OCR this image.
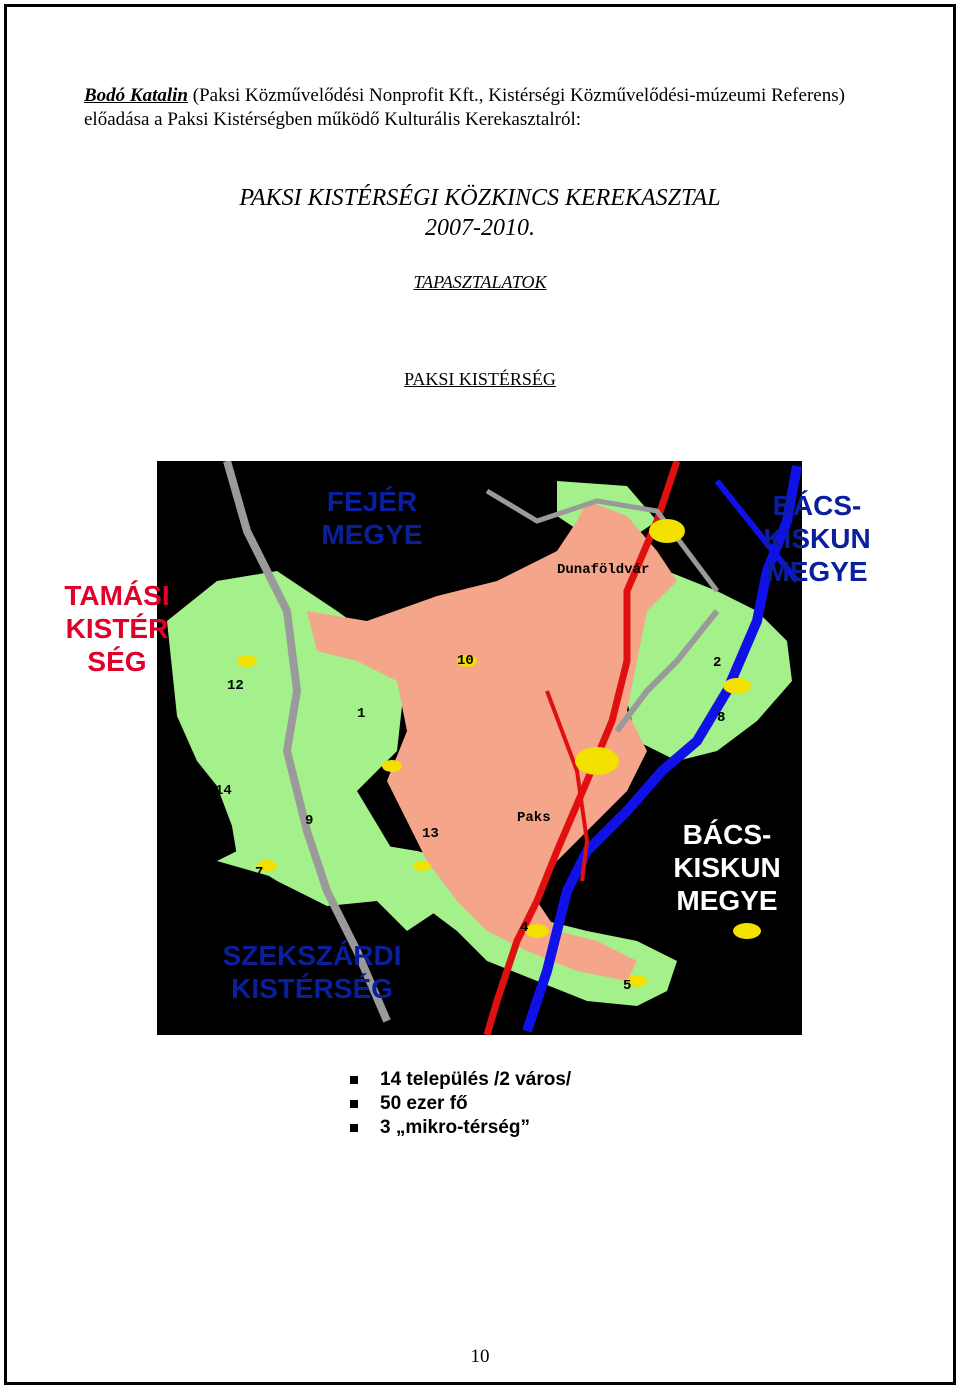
Bodó Katalin (Paksi Közművelődési Nonprofit Kft., Kistérségi Közművelődési-múzeumi Referens) előadása a Paksi Kistérségben működő Kulturális Kerekasztalról:

PAKSI KISTÉRSÉGI KÖZKINCS KEREKASZTAL
2007-2010.
TAPASZTALATOK
PAKSI KISTÉRSÉG
Dunaföldvár
Paks
1
2
4
5
6
7
8
9
10
12
13
14
FEJÉR
MEGYE
BÁCS-
KISKUN
MEGYE
TAMÁSI
KISTÉR
SÉG
BÁCS-
KISKUN
MEGYE
SZEKSZÁRDI
KISTÉRSÉG
14 település /2 város/
50 ezer fő
3 „mikro-térség”
10
